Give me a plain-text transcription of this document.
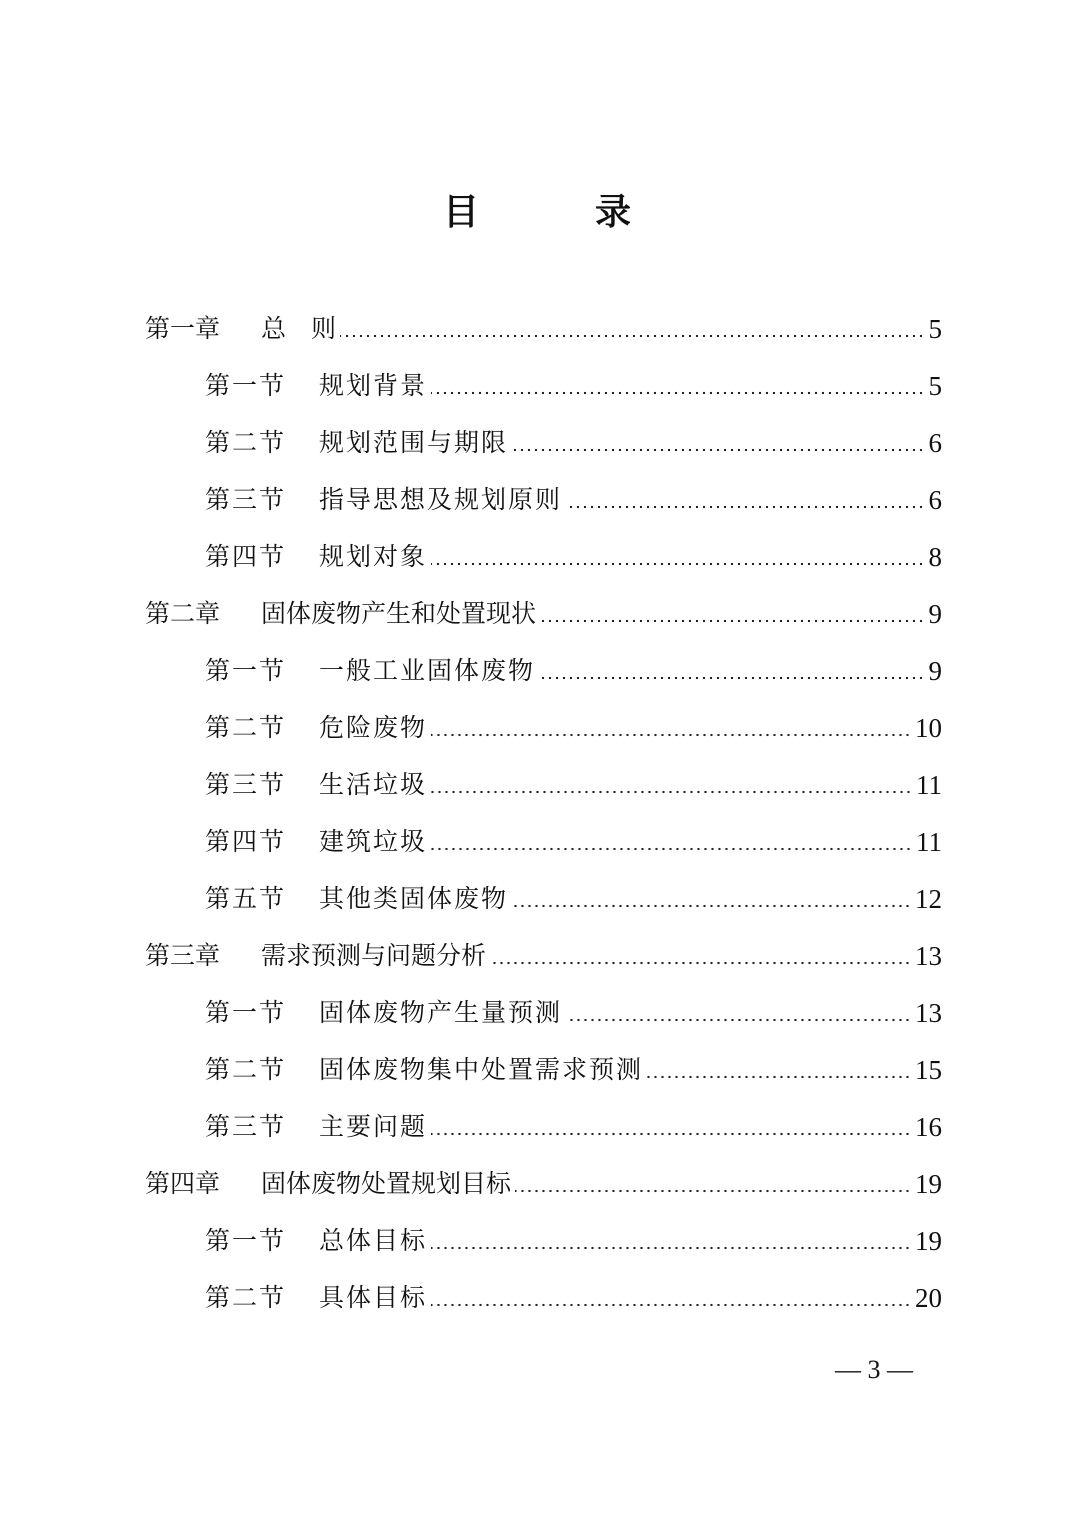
目　录
第一章	总　则	5
第一节	规划背景	5
第二节	规划范围与期限	6
第三节	指导思想及规划原则	6
第四节	规划对象	8
第二章	固体废物产生和处置现状	9
第一节	一般工业固体废物	9
第二节	危险废物	10
第三节	生活垃圾	11
第四节	建筑垃圾	11
第五节	其他类固体废物	12
第三章	需求预测与问题分析	13
第一节	固体废物产生量预测	13
第二节	固体废物集中处置需求预测	15
第三节	主要问题	16
第四章	固体废物处置规划目标	19
第一节	总体目标	19
第二节	具体目标	20
— 3 —
